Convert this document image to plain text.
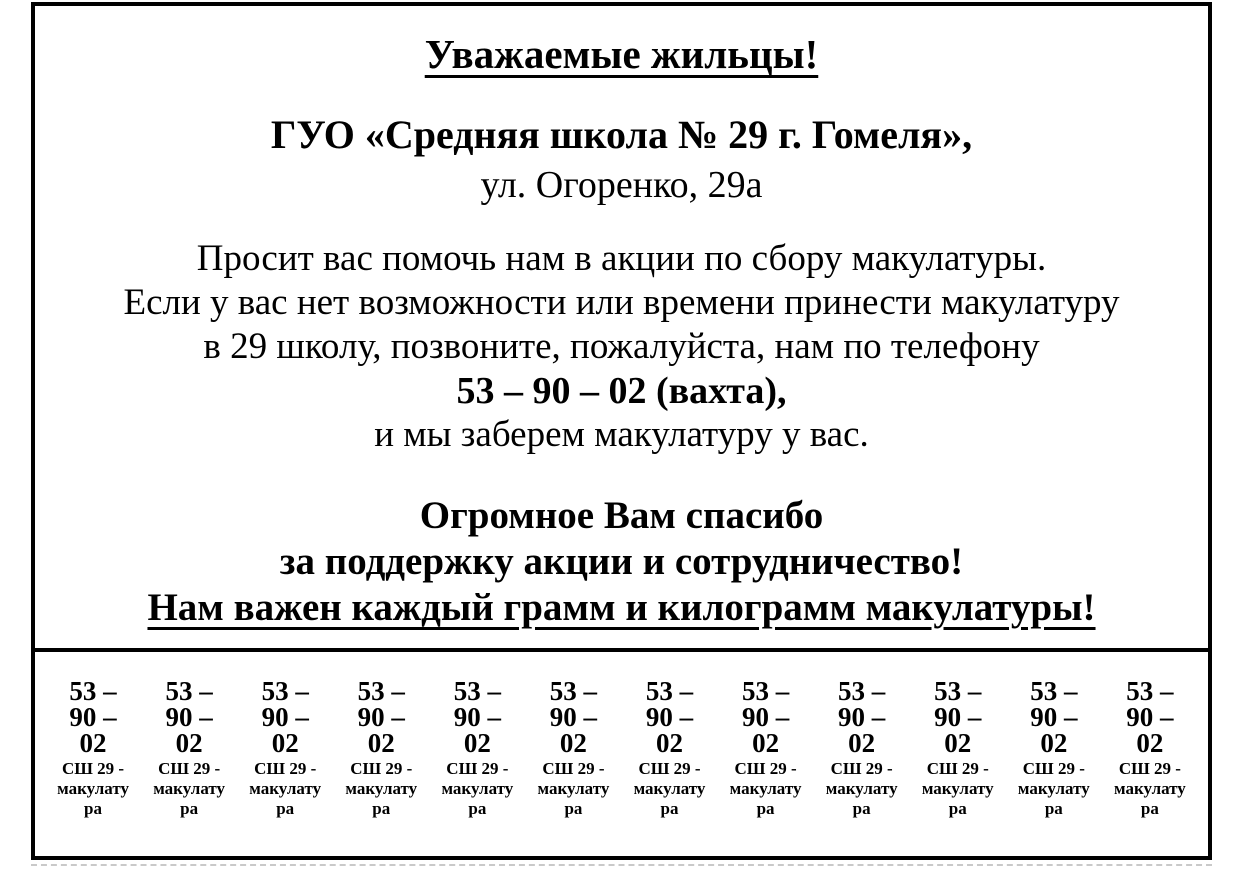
Уважаемые жильцы!
ГУО «Средняя школа № 29 г. Гомеля»,
ул. Огоренко, 29а
Просит вас помочь нам в акции по сбору макулатуры.
Если у вас нет возможности или времени принести макулатуру
в 29 школу, позвоните, пожалуйста, нам по телефону
53 – 90 – 02 (вахта),
и мы заберем макулатуру у вас.
Огромное Вам спасибо
за поддержку акции и сотрудничество!
Нам важен каждый грамм и килограмм макулатуры!
53 –
90 –
02
СШ 29 -
макулату
ра
53 –
90 –
02
СШ 29 -
макулату
ра
53 –
90 –
02
СШ 29 -
макулату
ра
53 –
90 –
02
СШ 29 -
макулату
ра
53 –
90 –
02
СШ 29 -
макулату
ра
53 –
90 –
02
СШ 29 -
макулату
ра
53 –
90 –
02
СШ 29 -
макулату
ра
53 –
90 –
02
СШ 29 -
макулату
ра
53 –
90 –
02
СШ 29 -
макулату
ра
53 –
90 –
02
СШ 29 -
макулату
ра
53 –
90 –
02
СШ 29 -
макулату
ра
53 –
90 –
02
СШ 29 -
макулату
ра
